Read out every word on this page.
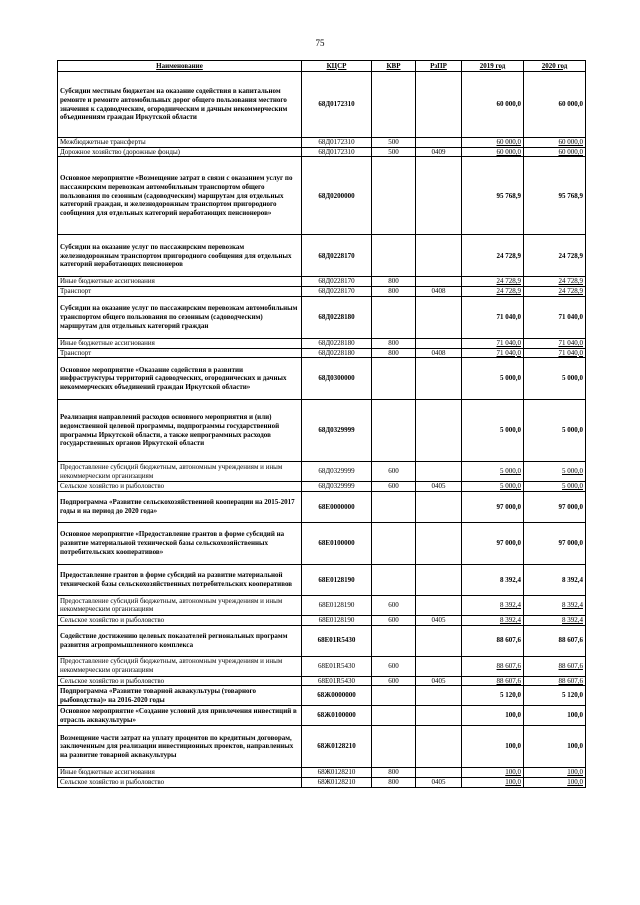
75
Наименование	КЦСР	КВР	РзПР	2019 год	2020 год
Субсидии местным бюджетам на оказание содействия в капитальном ремонте и ремонте автомобильных дорог общего пользования местного значения к садоводческим, огородническим и дачным некоммерческим объединениям граждан Иркутской области	68Д0172310			60 000,0	60 000,0
Межбюджетные трансферты	68Д0172310	500		60 000,0	60 000,0
Дорожное хозяйство (дорожные фонды)	68Д0172310	500	0409	60 000,0	60 000,0
Основное мероприятие «Возмещение затрат в связи с оказанием услуг по пассажирским перевозкам автомобильным транспортом общего пользования по сезонным (садоводческим) маршрутам для отдельных категорий граждан, и железнодорожным транспортом пригородного сообщения для отдельных категорий неработающих пенсионеров»	68Д0200000			95 768,9	95 768,9
Субсидии на оказание услуг по пассажирским перевозкам железнодорожным транспортом пригородного сообщения для отдельных категорий неработающих пенсионеров	68Д0228170			24 728,9	24 728,9
Иные бюджетные ассигнования	68Д0228170	800		24 728,9	24 728,9
Транспорт	68Д0228170	800	0408	24 728,9	24 728,9
Субсидии на оказание услуг по пассажирским перевозкам автомобильным транспортом общего пользования по сезонным (садоводческим) маршрутам для отдельных категорий граждан	68Д0228180			71 040,0	71 040,0
Иные бюджетные ассигнования	68Д0228180	800		71 040,0	71 040,0
Транспорт	68Д0228180	800	0408	71 040,0	71 040,0
Основное мероприятие «Оказание содействия в развитии инфраструктуры территорий садоводческих, огороднических и дачных некоммерческих объединений граждан Иркутской области»	68Д0300000			5 000,0	5 000,0
Реализация направлений расходов основного мероприятия и (или) ведомственной целевой программы, подпрограммы государственной программы Иркутской области, а также непрограммных расходов государственных органов Иркутской области	68Д0329999			5 000,0	5 000,0
Предоставление субсидий бюджетным, автономным учреждениям и иным некоммерческим организациям	68Д0329999	600		5 000,0	5 000,0
Сельское хозяйство и рыболовство	68Д0329999	600	0405	5 000,0	5 000,0
Подпрограмма «Развитие сельскохозяйственной кооперации на 2015-2017 годы и на период до 2020 года»	68Е0000000			97 000,0	97 000,0
Основное мероприятие «Предоставление грантов в форме субсидий на развитие материальной технической базы сельскохозяйственных потребительских кооперативов»	68Е0100000			97 000,0	97 000,0
Предоставление грантов в форме субсидий на развитие материальной технической базы сельскохозяйственных потребительских кооперативов	68Е0128190			8 392,4	8 392,4
Предоставление субсидий бюджетным, автономным учреждениям и иным некоммерческим организациям	68Е0128190	600		8 392,4	8 392,4
Сельское хозяйство и рыболовство	68Е0128190	600	0405	8 392,4	8 392,4
Содействие достижению целевых показателей региональных программ развития агропромышленного комплекса	68Е01R5430			88 607,6	88 607,6
Предоставление субсидий бюджетным, автономным учреждениям и иным некоммерческим организациям	68Е01R5430	600		88 607,6	88 607,6
Сельское хозяйство и рыболовство	68Е01R5430	600	0405	88 607,6	88 607,6
Подпрограмма «Развитие товарной аквакультуры (товарного рыбоводства)» на 2016-2020 годы	68Ж0000000			5 120,0	5 120,0
Основное мероприятие «Создание условий для привлечения инвестиций в отрасль аквакультуры»	68Ж0100000			100,0	100,0
Возмещение части затрат на уплату процентов по кредитным договорам, заключенным для реализации инвестиционных проектов, направленных на развитие товарной аквакультуры	68Ж0128210			100,0	100,0
Иные бюджетные ассигнования	68Ж0128210	800		100,0	100,0
Сельское хозяйство и рыболовство	68Ж0128210	800	0405	100,0	100,0
